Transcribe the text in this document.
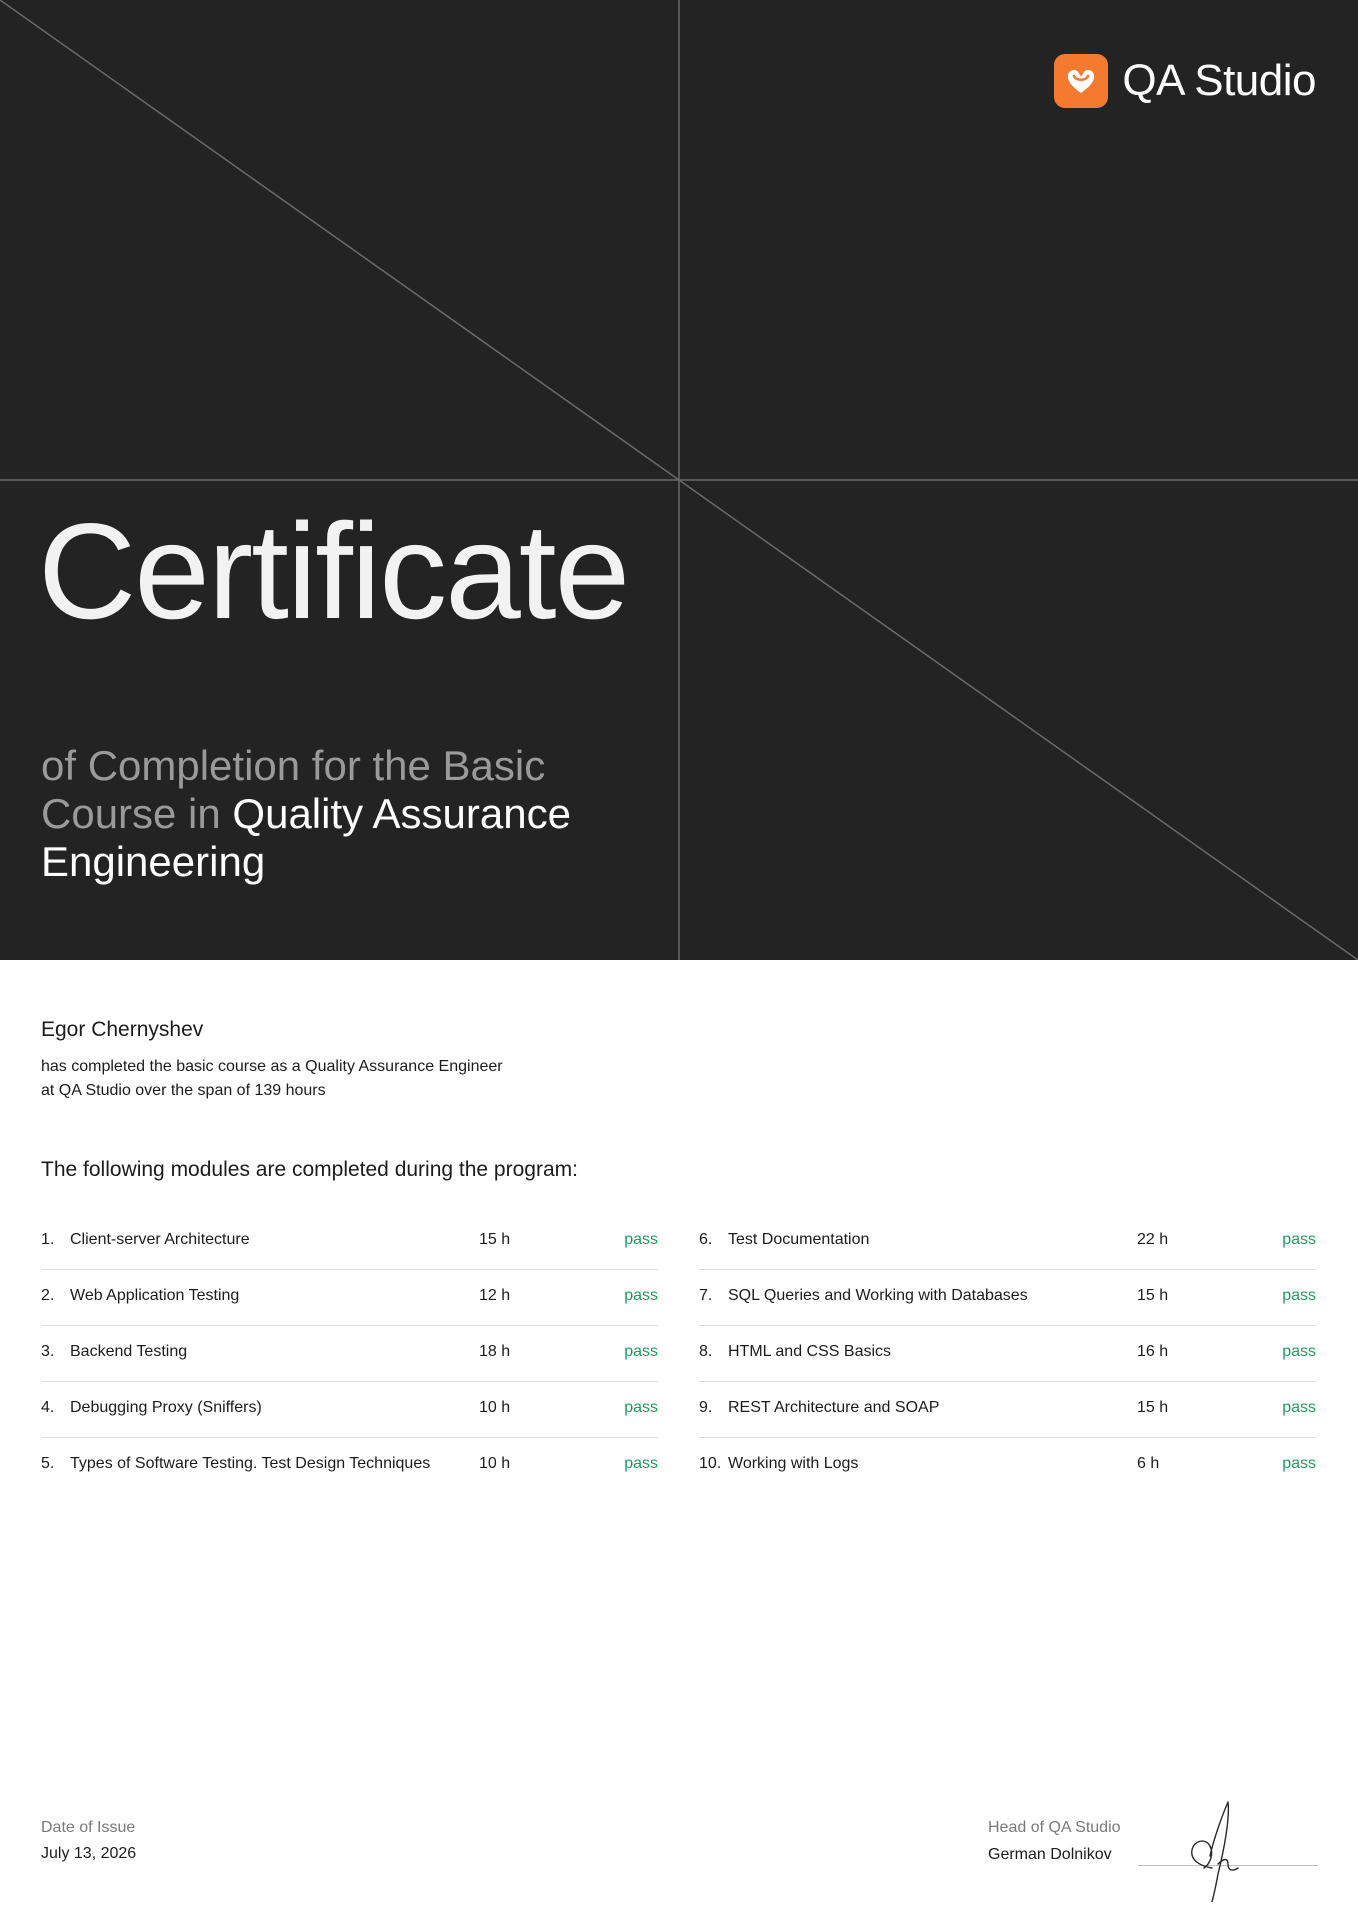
QA Studio
Certificate

of Completion for the Basic Course in Quality Assurance Engineering

Egor Chernyshev
has completed the basic course as a Quality Assurance Engineer
at QA Studio over the span of 139 hours
The following modules are completed during the program:
1. Client-server Architecture	15 h	pass
2. Web Application Testing	12 h	pass
3. Backend Testing	18 h	pass
4. Debugging Proxy (Sniffers)	10 h	pass
5. Types of Software Testing. Test Design Techniques	10 h	pass
6. Test Documentation	22 h	pass
7. SQL Queries and Working with Databases	15 h	pass
8. HTML and CSS Basics	16 h	pass
9. REST Architecture and SOAP	15 h	pass
10. Working with Logs	6 h	pass
Date of Issue
July 13, 2026
Head of QA Studio
German Dolnikov
